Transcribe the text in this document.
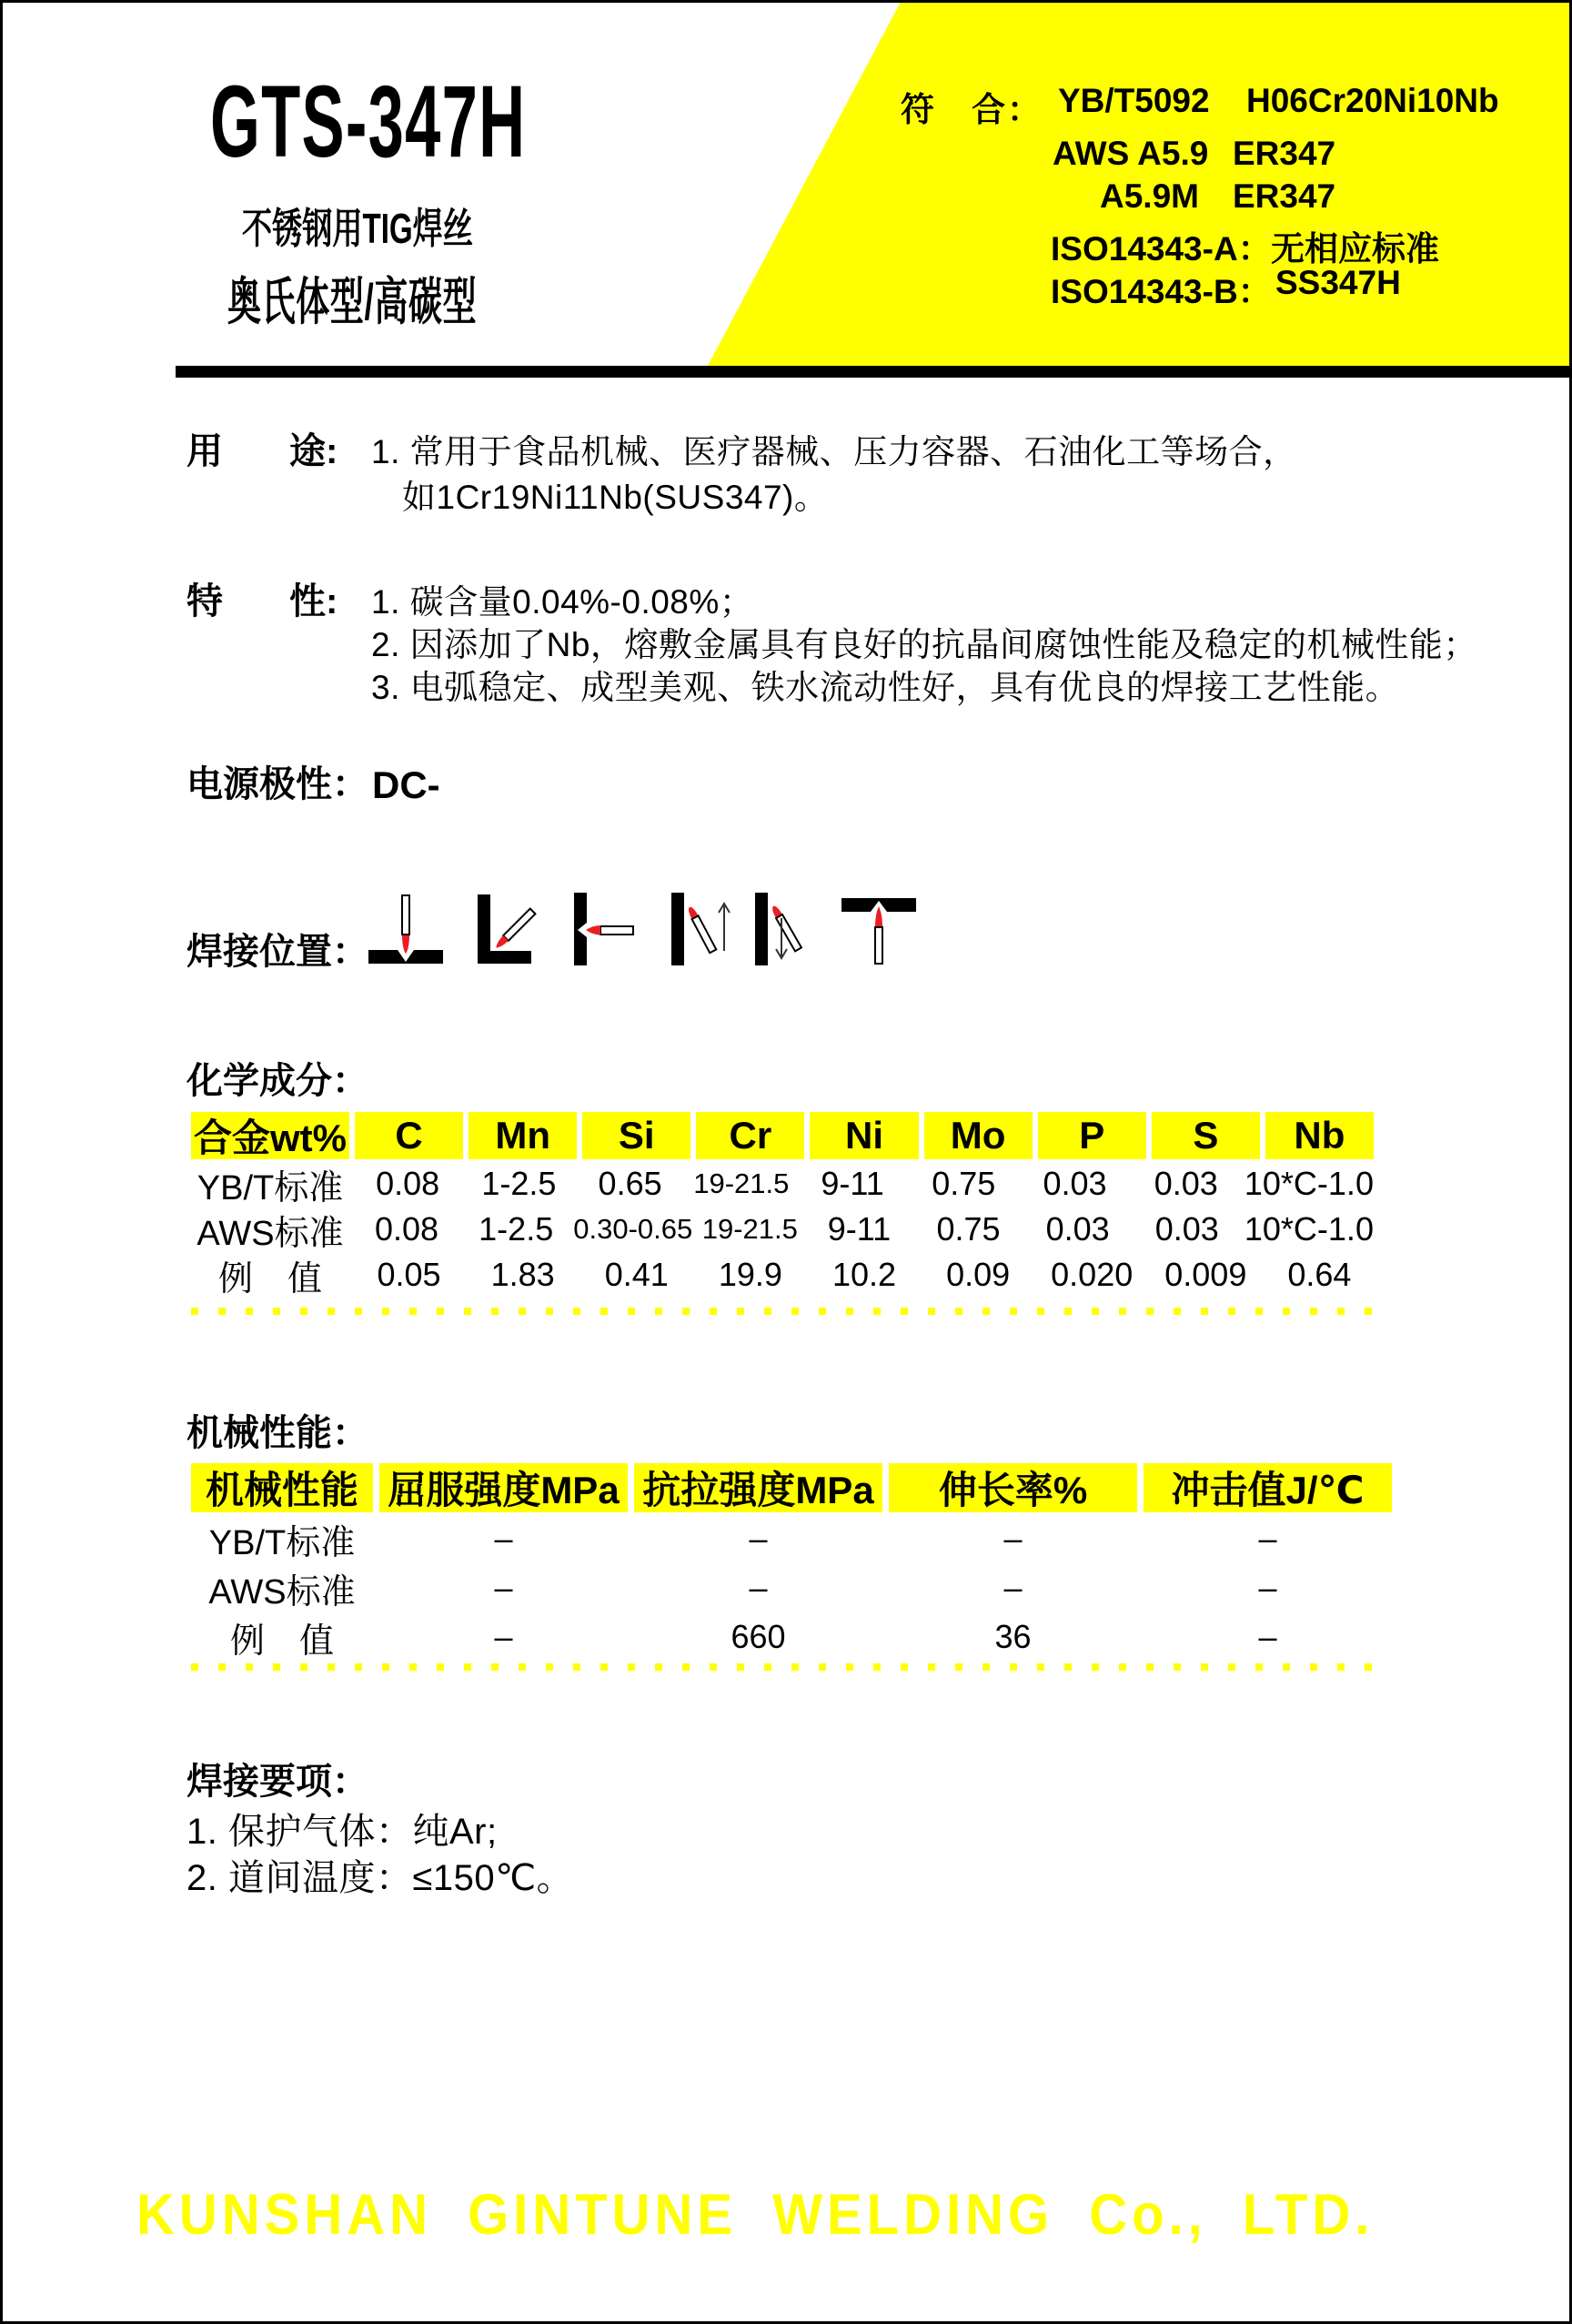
GTS-347H
不锈钢用TIG焊丝
奥氏体型/高碳型
符　合： YB/T5092 H06Cr20Ni10Nb
AWS A5.9 ER347
A5.9M ER347
ISO14343-A： 无相应标准
ISO14343-B： SS347H
用 途: 1. 常用于食品机械、医疗器械、压力容器、石油化工等场合，
如1Cr19Ni11Nb(SUS347)。
特 性: 1. 碳含量0.04%-0.08%；
2. 因添加了Nb，熔敷金属具有良好的抗晶间腐蚀性能及稳定的机械性能；
3. 电弧稳定、成型美观、铁水流动性好，具有优良的焊接工艺性能。
电源极性： DC-
焊接位置：
化学成分：
合金wt%	C	Mn	Si	Cr	Ni	Mo	P	S	Nb
YB/T标准 0.08	1-2.5	0.65	19-21.5 9-11	0.75	0.03	0.03 10*C-1.0
AWS标准 0.08	1-2.5 0.30-0.65 19-21.5 9-11	0.75	0.03	0.03 10*C-1.0
例　值	0.05	1.83	0.41	19.9	10.2	0.09	0.020 0.009	0.64
机械性能：
机械性能 屈服强度MPa 抗拉强度MPa	伸长率%	冲击值J/℃
YB/T标准	–	–	–	–
AWS标准	–	–	–	–
例　值	–	660	36	–
焊接要项：
1. 保护气体：纯Ar;
2. 道间温度：≤150℃。
KUNSHAN GINTUNE WELDING Co., LTD.
